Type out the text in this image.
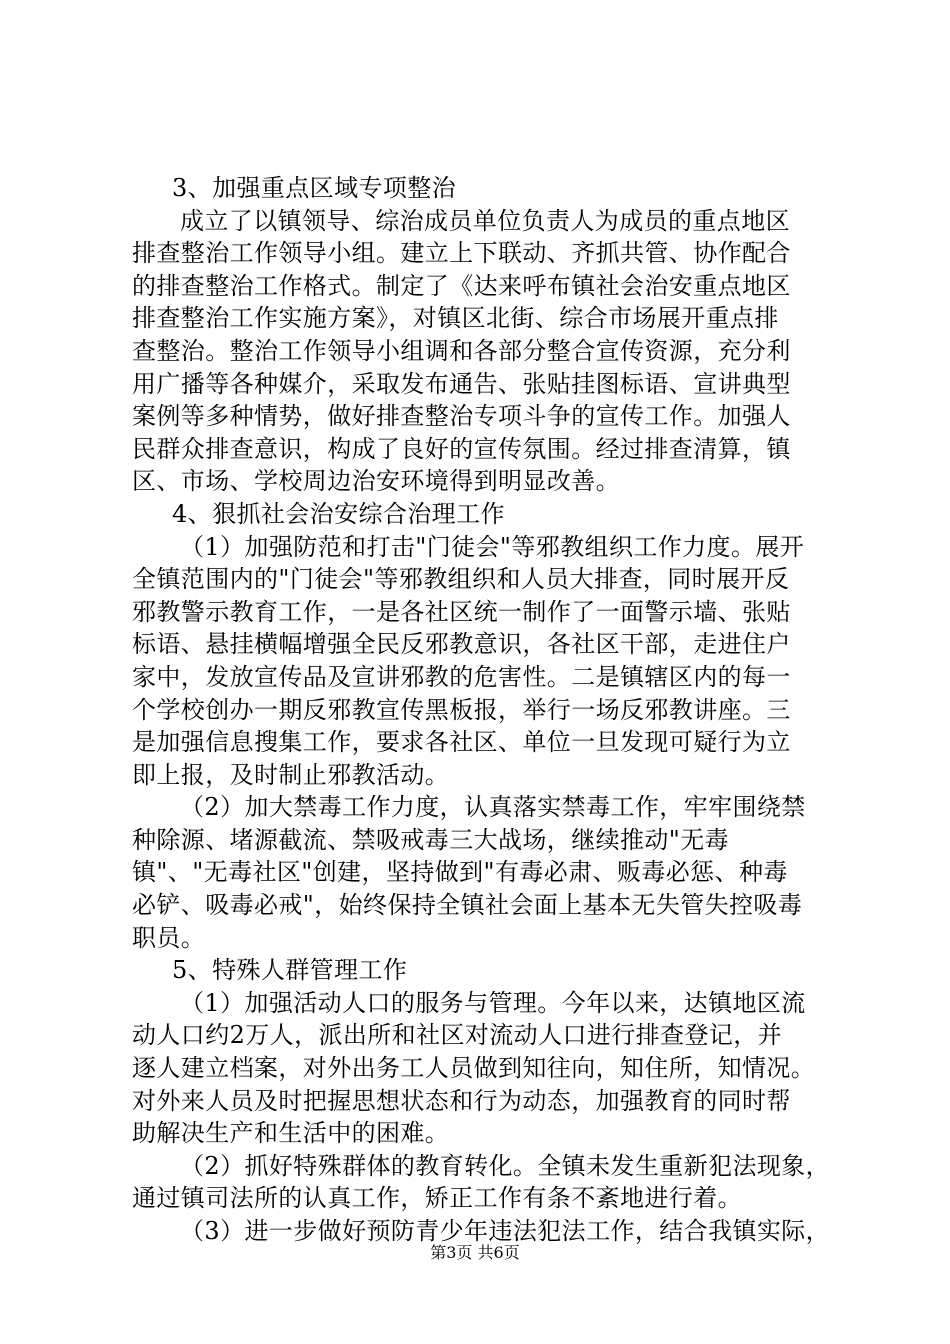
3、加强重点区域专项整治
成立了以镇领导、综治成员单位负责人为成员的重点地区
排查整治工作领导小组。建立上下联动、齐抓共管、协作配合
的排查整治工作格式。制定了《达来呼布镇社会治安重点地区
排查整治工作实施方案》，对镇区北街、综合市场展开重点排
查整治。整治工作领导小组调和各部分整合宣传资源，充分利
用广播等各种媒介，采取发布通告、张贴挂图标语、宣讲典型
案例等多种情势，做好排查整治专项斗争的宣传工作。加强人
民群众排查意识，构成了良好的宣传氛围。经过排查清算，镇
区、市场、学校周边治安环境得到明显改善。
4、狠抓社会治安综合治理工作
（1）加强防范和打击"门徒会"等邪教组织工作力度。展开
全镇范围内的"门徒会"等邪教组织和人员大排查，同时展开反
邪教警示教育工作，一是各社区统一制作了一面警示墙、张贴
标语、悬挂横幅增强全民反邪教意识，各社区干部，走进住户
家中，发放宣传品及宣讲邪教的危害性。二是镇辖区内的每一
个学校创办一期反邪教宣传黑板报，举行一场反邪教讲座。三
是加强信息搜集工作，要求各社区、单位一旦发现可疑行为立
即上报，及时制止邪教活动。
（2）加大禁毒工作力度，认真落实禁毒工作，牢牢围绕禁
种除源、堵源截流、禁吸戒毒三大战场，继续推动"无毒
镇"、"无毒社区"创建，坚持做到"有毒必肃、贩毒必惩、种毒
必铲、吸毒必戒"，始终保持全镇社会面上基本无失管失控吸毒
职员。
5、特殊人群管理工作
（1）加强活动人口的服务与管理。今年以来，达镇地区流
动人口约2万人，派出所和社区对流动人口进行排查登记，并
逐人建立档案，对外出务工人员做到知往向，知住所，知情况。
对外来人员及时把握思想状态和行为动态，加强教育的同时帮
助解决生产和生活中的困难。
（2）抓好特殊群体的教育转化。全镇未发生重新犯法现象，
通过镇司法所的认真工作，矫正工作有条不紊地进行着。
（3）进一步做好预防青少年违法犯法工作，结合我镇实际，
第3页 共6页
